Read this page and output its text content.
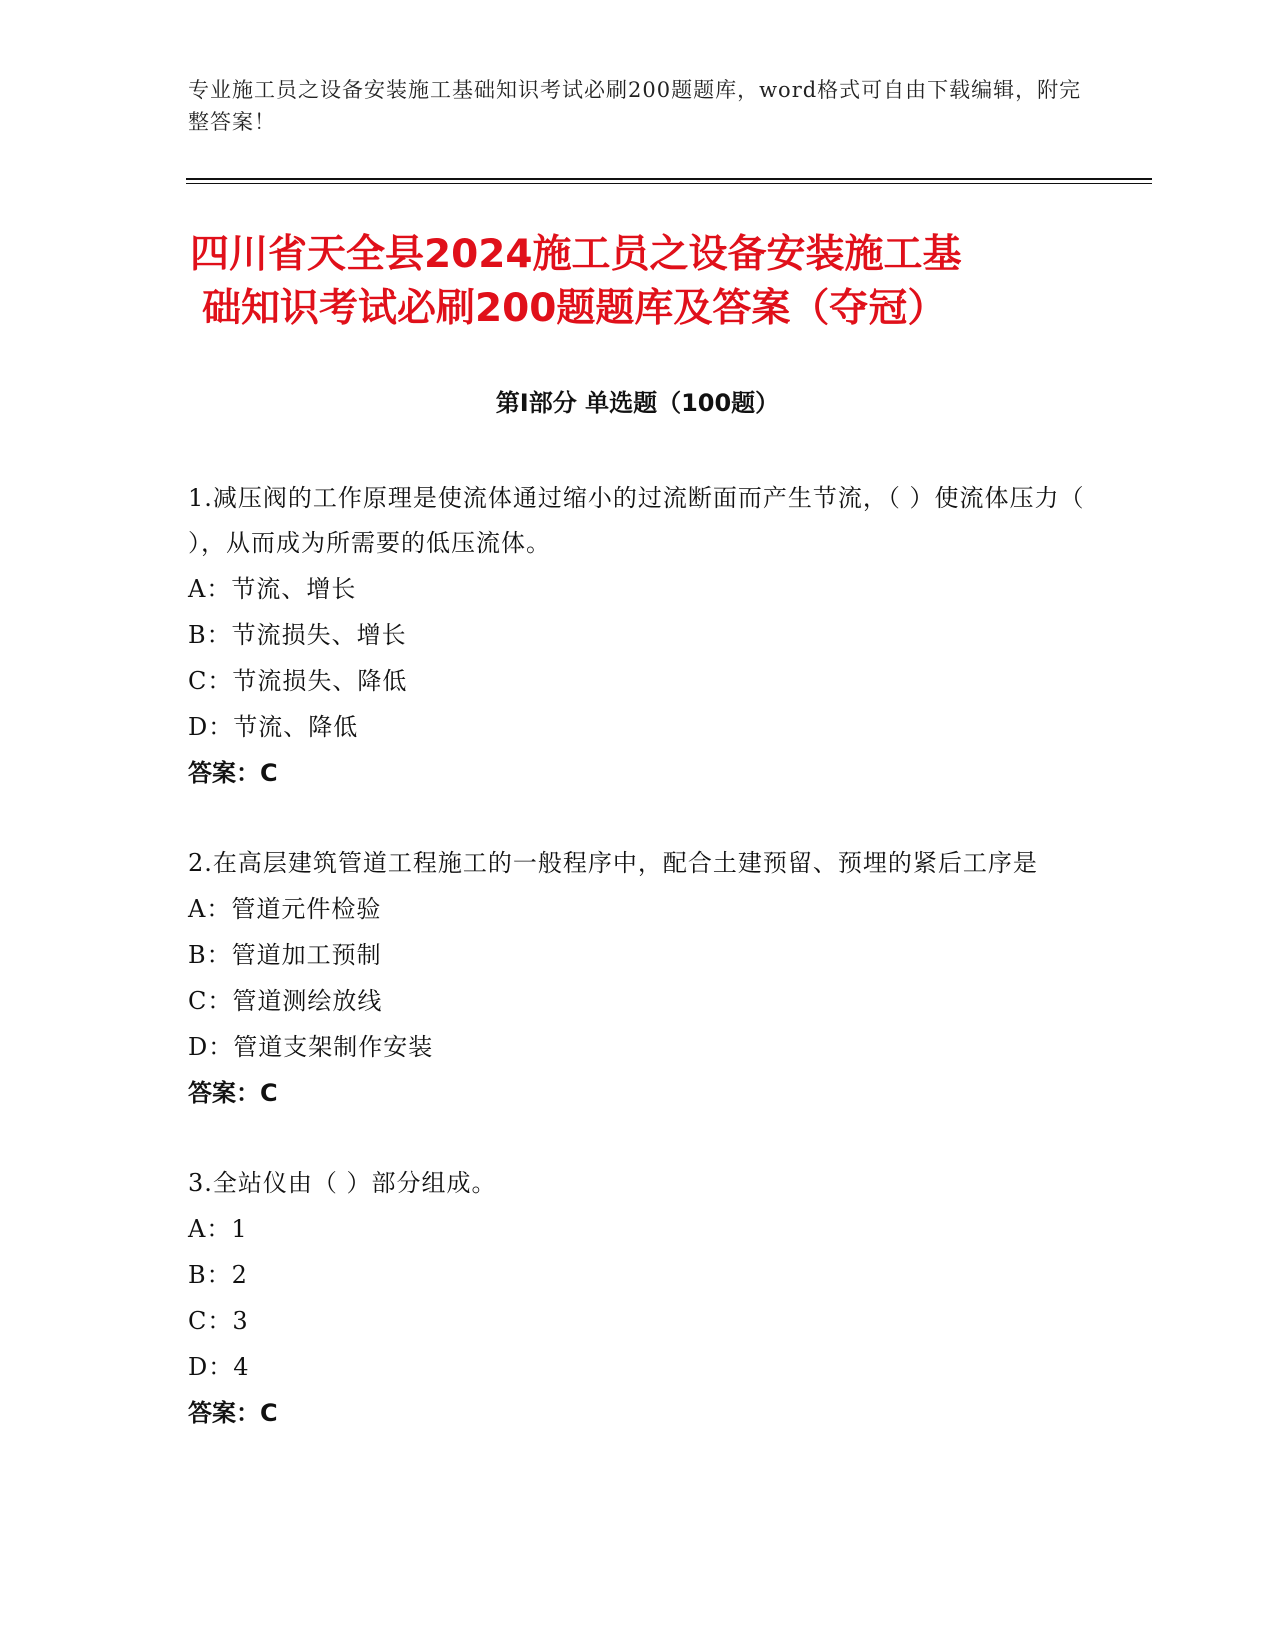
专业施工员之设备安装施工基础知识考试必刷200题题库，word格式可自由下载编辑，附完整答案！
四川省天全县2024施工员之设备安装施工基
础知识考试必刷200题题库及答案（夺冠）
第Ⅰ部分 单选题（100题）
1.减压阀的工作原理是使流体通过缩小的过流断面而产生节流，（ ）使流体压力（ ），从而成为所需要的低压流体。
A：节流、增长
B：节流损失、增长
C：节流损失、降低
D：节流、降低
答案：C
2.在高层建筑管道工程施工的一般程序中，配合土建预留、预埋的紧后工序是
A：管道元件检验
B：管道加工预制
C：管道测绘放线
D：管道支架制作安装
答案：C
3.全站仪由（ ）部分组成。
A：1
B：2
C：3
D：4
答案：C
